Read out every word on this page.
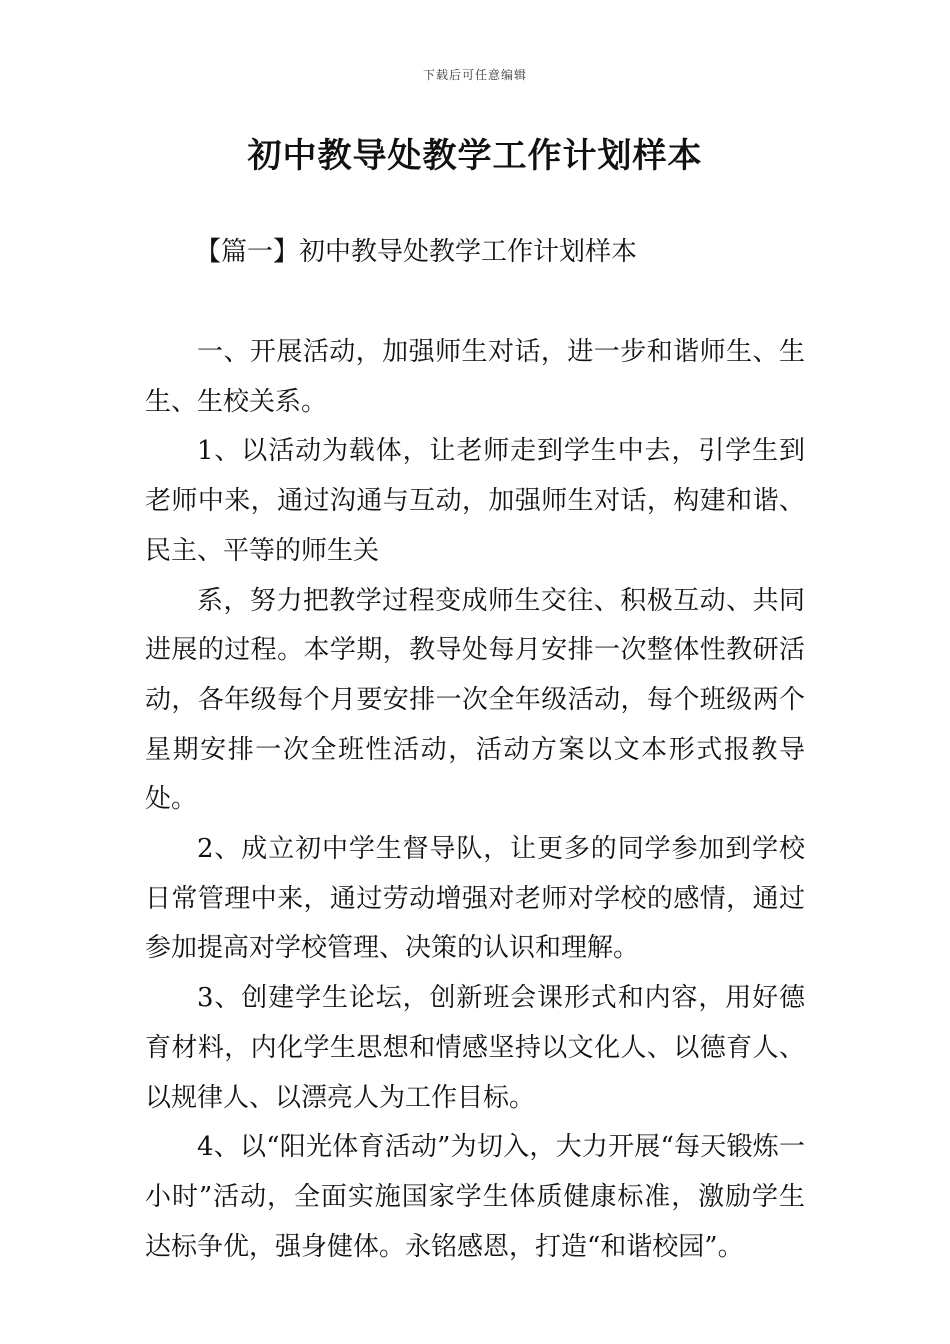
下载后可任意编辑
初中教导处教学工作计划样本
【篇一】初中教导处教学工作计划样本

一、开展活动，加强师生对话，进一步和谐师生、生生、生校关系。

1、以活动为载体，让老师走到学生中去，引学生到老师中来，通过沟通与互动，加强师生对话，构建和谐、民主、平等的师生关

系，努力把教学过程变成师生交往、积极互动、共同进展的过程。本学期，教导处每月安排一次整体性教研活动，各年级每个月要安排一次全年级活动，每个班级两个星期安排一次全班性活动，活动方案以文本形式报教导处。

2、成立初中学生督导队，让更多的同学参加到学校日常管理中来，通过劳动增强对老师对学校的感情，通过参加提高对学校管理、决策的认识和理解。

3、创建学生论坛，创新班会课形式和内容，用好德育材料，内化学生思想和情感坚持以文化人、以德育人、以规律人、以漂亮人为工作目标。

4、以“阳光体育活动”为切入，大力开展“每天锻炼一小时”活动，全面实施国家学生体质健康标准，激励学生达标争优，强身健体。永铭感恩，打造“和谐校园”。
